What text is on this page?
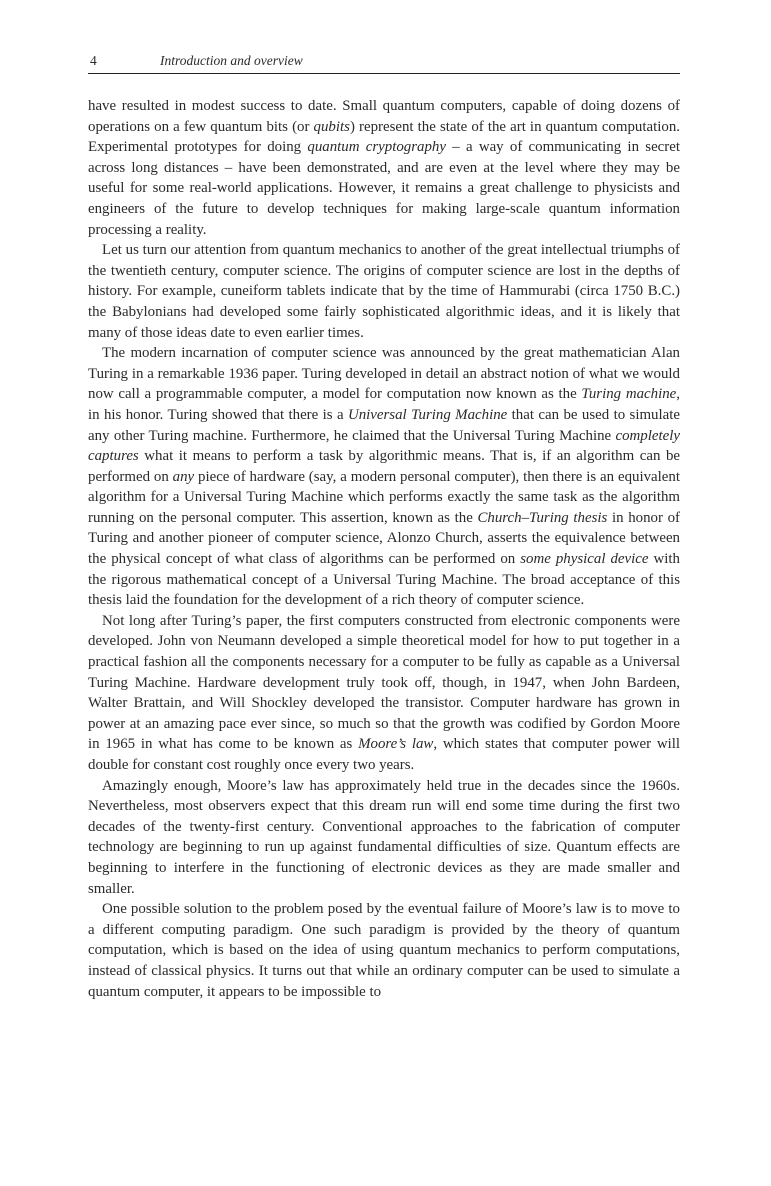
4	Introduction and overview

have resulted in modest success to date. Small quantum computers, capable of doing dozens of operations on a few quantum bits (or qubits) represent the state of the art in quantum computation. Experimental prototypes for doing quantum cryptography – a way of communicating in secret across long distances – have been demonstrated, and are even at the level where they may be useful for some real-world applications. However, it remains a great challenge to physicists and engineers of the future to develop techniques for making large-scale quantum information processing a reality.

Let us turn our attention from quantum mechanics to another of the great intellectual triumphs of the twentieth century, computer science. The origins of computer science are lost in the depths of history. For example, cuneiform tablets indicate that by the time of Hammurabi (circa 1750 B.C.) the Babylonians had developed some fairly sophisticated algorithmic ideas, and it is likely that many of those ideas date to even earlier times.

The modern incarnation of computer science was announced by the great mathematician Alan Turing in a remarkable 1936 paper. Turing developed in detail an abstract notion of what we would now call a programmable computer, a model for computation now known as the Turing machine, in his honor. Turing showed that there is a Universal Turing Machine that can be used to simulate any other Turing machine. Furthermore, he claimed that the Universal Turing Machine completely captures what it means to perform a task by algorithmic means. That is, if an algorithm can be performed on any piece of hardware (say, a modern personal computer), then there is an equivalent algorithm for a Universal Turing Machine which performs exactly the same task as the algorithm running on the personal computer. This assertion, known as the Church–Turing thesis in honor of Turing and another pioneer of computer science, Alonzo Church, asserts the equivalence between the physical concept of what class of algorithms can be performed on some physical device with the rigorous mathematical concept of a Universal Turing Machine. The broad acceptance of this thesis laid the foundation for the development of a rich theory of computer science.

Not long after Turing’s paper, the first computers constructed from electronic components were developed. John von Neumann developed a simple theoretical model for how to put together in a practical fashion all the components necessary for a computer to be fully as capable as a Universal Turing Machine. Hardware development truly took off, though, in 1947, when John Bardeen, Walter Brattain, and Will Shockley developed the transistor. Computer hardware has grown in power at an amazing pace ever since, so much so that the growth was codified by Gordon Moore in 1965 in what has come to be known as Moore’s law, which states that computer power will double for constant cost roughly once every two years.

Amazingly enough, Moore’s law has approximately held true in the decades since the 1960s. Nevertheless, most observers expect that this dream run will end some time during the first two decades of the twenty-first century. Conventional approaches to the fabrication of computer technology are beginning to run up against fundamental difficulties of size. Quantum effects are beginning to interfere in the functioning of electronic devices as they are made smaller and smaller.

One possible solution to the problem posed by the eventual failure of Moore’s law is to move to a different computing paradigm. One such paradigm is provided by the theory of quantum computation, which is based on the idea of using quantum mechanics to perform computations, instead of classical physics. It turns out that while an ordinary computer can be used to simulate a quantum computer, it appears to be impossible to
